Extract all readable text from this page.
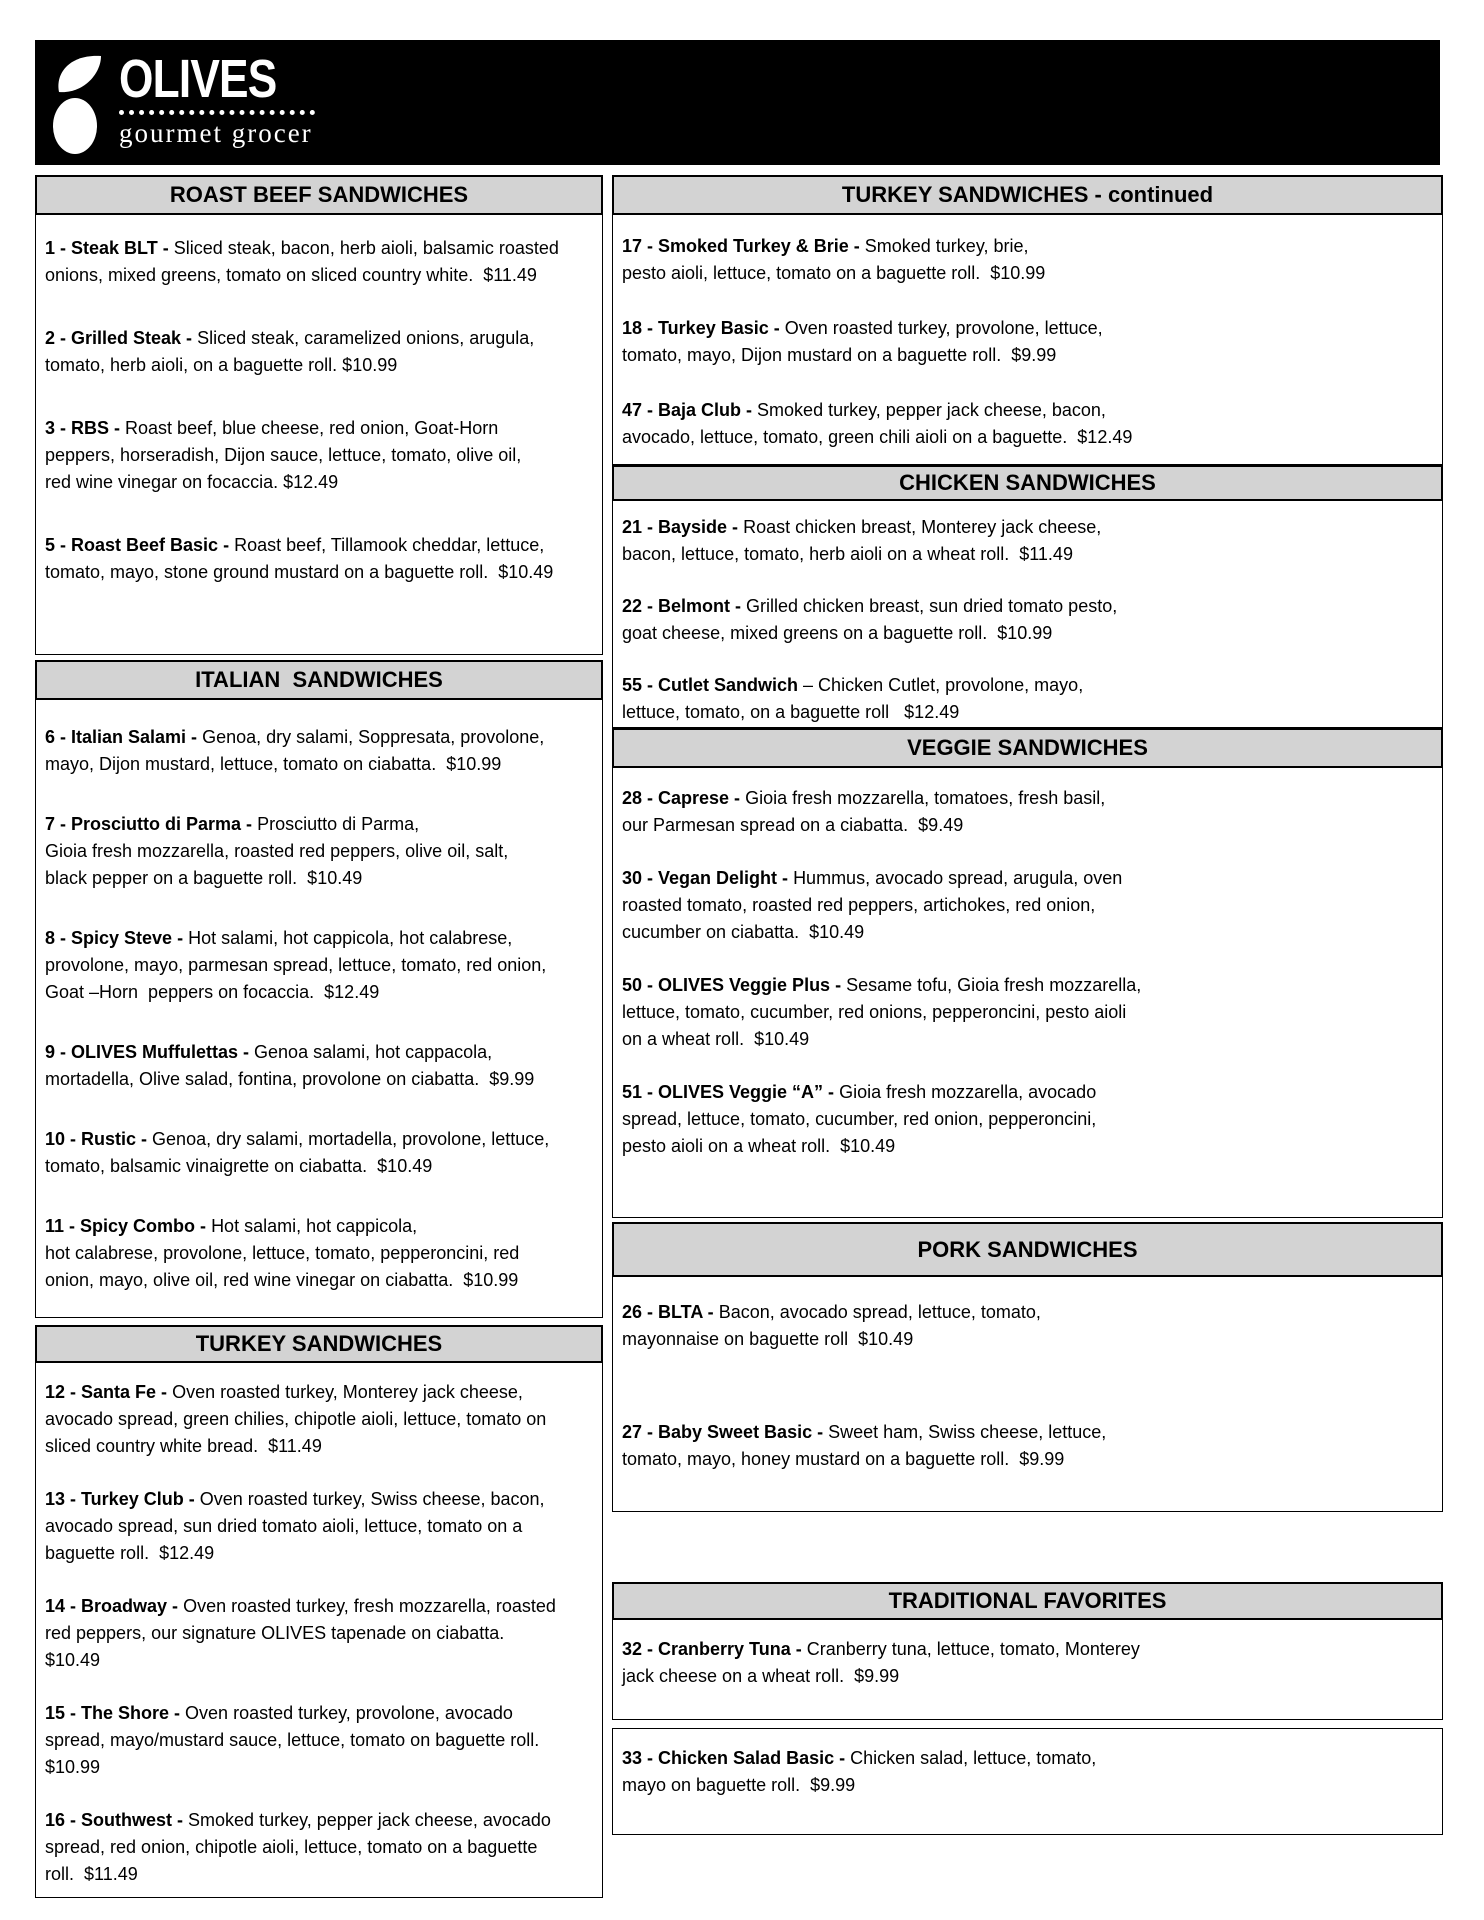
OLIVES
gourmet grocer
ROAST BEEF SANDWICHES

1 - Steak BLT - Sliced steak, bacon, herb aioli, balsamic roasted
onions, mixed greens, tomato on sliced country white.  $11.49

2 - Grilled Steak - Sliced steak, caramelized onions, arugula,
tomato, herb aioli, on a baguette roll. $10.99

3 - RBS - Roast beef, blue cheese, red onion, Goat-Horn
peppers, horseradish, Dijon sauce, lettuce, tomato, olive oil,
red wine vinegar on focaccia. $12.49

5 - Roast Beef Basic - Roast beef, Tillamook cheddar, lettuce,
tomato, mayo, stone ground mustard on a baguette roll.  $10.49

ITALIAN  SANDWICHES

6 - Italian Salami - Genoa, dry salami, Soppresata, provolone,
mayo, Dijon mustard, lettuce, tomato on ciabatta.  $10.99

7 - Prosciutto di Parma - Prosciutto di Parma,
Gioia fresh mozzarella, roasted red peppers, olive oil, salt,
black pepper on a baguette roll.  $10.49

8 - Spicy Steve - Hot salami, hot cappicola, hot calabrese,
provolone, mayo, parmesan spread, lettuce, tomato, red onion,
Goat –Horn  peppers on focaccia.  $12.49

9 - OLIVES Muffulettas - Genoa salami, hot cappacola,
mortadella, Olive salad, fontina, provolone on ciabatta.  $9.99

10 - Rustic - Genoa, dry salami, mortadella, provolone, lettuce,
tomato, balsamic vinaigrette on ciabatta.  $10.49

11 - Spicy Combo - Hot salami, hot cappicola,
hot calabrese, provolone, lettuce, tomato, pepperoncini, red
onion, mayo, olive oil, red wine vinegar on ciabatta.  $10.99

TURKEY SANDWICHES

12 - Santa Fe - Oven roasted turkey, Monterey jack cheese,
avocado spread, green chilies, chipotle aioli, lettuce, tomato on
sliced country white bread.  $11.49

13 - Turkey Club - Oven roasted turkey, Swiss cheese, bacon,
avocado spread, sun dried tomato aioli, lettuce, tomato on a
baguette roll.  $12.49

14 - Broadway - Oven roasted turkey, fresh mozzarella, roasted
red peppers, our signature OLIVES tapenade on ciabatta.
$10.49

15 - The Shore - Oven roasted turkey, provolone, avocado
spread, mayo/mustard sauce, lettuce, tomato on baguette roll.
$10.99

16 - Southwest - Smoked turkey, pepper jack cheese, avocado
spread, red onion, chipotle aioli, lettuce, tomato on a baguette
roll.  $11.49

TURKEY SANDWICHES - continued

17 - Smoked Turkey & Brie - Smoked turkey, brie,
pesto aioli, lettuce, tomato on a baguette roll.  $10.99

18 - Turkey Basic - Oven roasted turkey, provolone, lettuce,
tomato, mayo, Dijon mustard on a baguette roll.  $9.99

47 - Baja Club - Smoked turkey, pepper jack cheese, bacon,
avocado, lettuce, tomato, green chili aioli on a baguette.  $12.49

CHICKEN SANDWICHES

21 - Bayside - Roast chicken breast, Monterey jack cheese,
bacon, lettuce, tomato, herb aioli on a wheat roll.  $11.49

22 - Belmont - Grilled chicken breast, sun dried tomato pesto,
goat cheese, mixed greens on a baguette roll.  $10.99

55 - Cutlet Sandwich – Chicken Cutlet, provolone, mayo,
lettuce, tomato, on a baguette roll   $12.49

VEGGIE SANDWICHES

28 - Caprese - Gioia fresh mozzarella, tomatoes, fresh basil,
our Parmesan spread on a ciabatta.  $9.49

30 - Vegan Delight - Hummus, avocado spread, arugula, oven
roasted tomato, roasted red peppers, artichokes, red onion,
cucumber on ciabatta.  $10.49

50 - OLIVES Veggie Plus - Sesame tofu, Gioia fresh mozzarella,
lettuce, tomato, cucumber, red onions, pepperoncini, pesto aioli
on a wheat roll.  $10.49

51 - OLIVES Veggie “A” - Gioia fresh mozzarella, avocado
spread, lettuce, tomato, cucumber, red onion, pepperoncini,
pesto aioli on a wheat roll.  $10.49

PORK SANDWICHES

26 - BLTA - Bacon, avocado spread, lettuce, tomato,
mayonnaise on baguette roll  $10.49

27 - Baby Sweet Basic - Sweet ham, Swiss cheese, lettuce,
tomato, mayo, honey mustard on a baguette roll.  $9.99

TRADITIONAL FAVORITES

32 - Cranberry Tuna - Cranberry tuna, lettuce, tomato, Monterey
jack cheese on a wheat roll.  $9.99

33 - Chicken Salad Basic - Chicken salad, lettuce, tomato,
mayo on baguette roll.  $9.99
